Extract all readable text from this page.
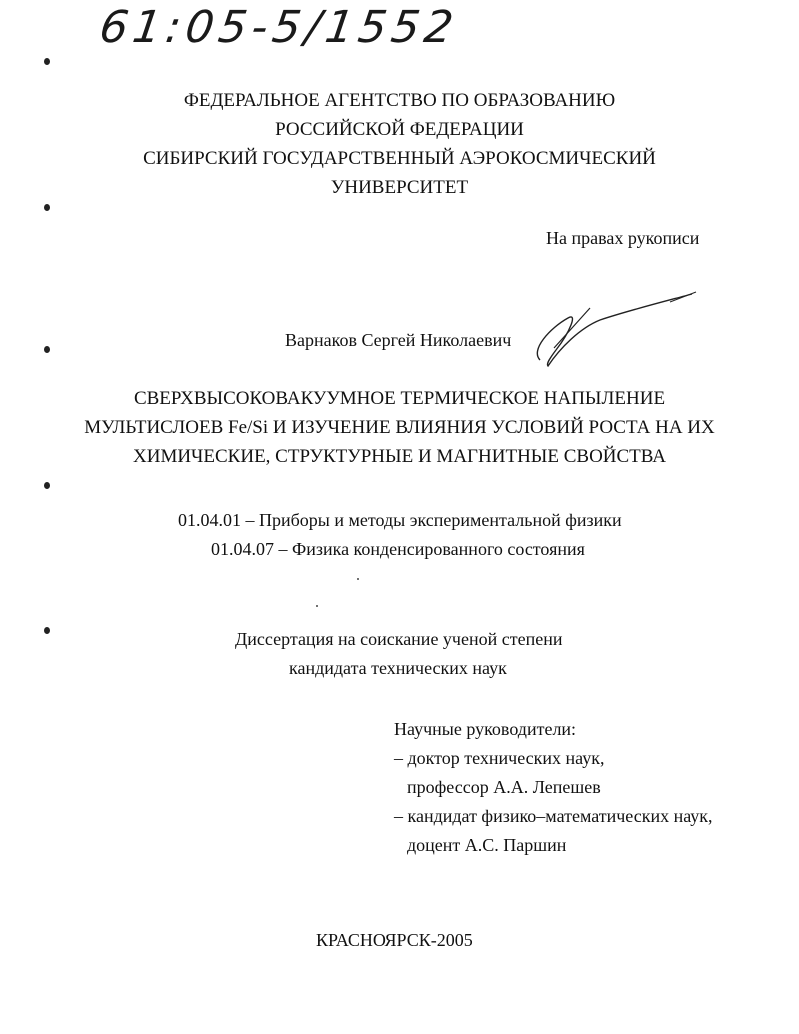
61:05-5/1552
ФЕДЕРАЛЬНОЕ АГЕНТСТВО ПО ОБРАЗОВАНИЮ
РОССИЙСКОЙ ФЕДЕРАЦИИ
СИБИРСКИЙ ГОСУДАРСТВЕННЫЙ АЭРОКОСМИЧЕСКИЙ
УНИВЕРСИТЕТ
На правах рукописи
Варнаков Сергей Николаевич
СВЕРХВЫСОКОВАКУУМНОЕ ТЕРМИЧЕСКОЕ НАПЫЛЕНИЕ
МУЛЬТИСЛОЕВ Fe/Si И ИЗУЧЕНИЕ ВЛИЯНИЯ УСЛОВИЙ РОСТА НА ИХ
ХИМИЧЕСКИЕ, СТРУКТУРНЫЕ И МАГНИТНЫЕ СВОЙСТВА
01.04.01 – Приборы и методы экспериментальной физики
01.04.07 – Физика конденсированного состояния
Диссертация на соискание ученой степени
кандидата технических наук
Научные руководители:
– доктор технических наук,
профессор А.А. Лепешев
– кандидат физико–математических наук,
доцент А.С. Паршин
КРАСНОЯРСК-2005
